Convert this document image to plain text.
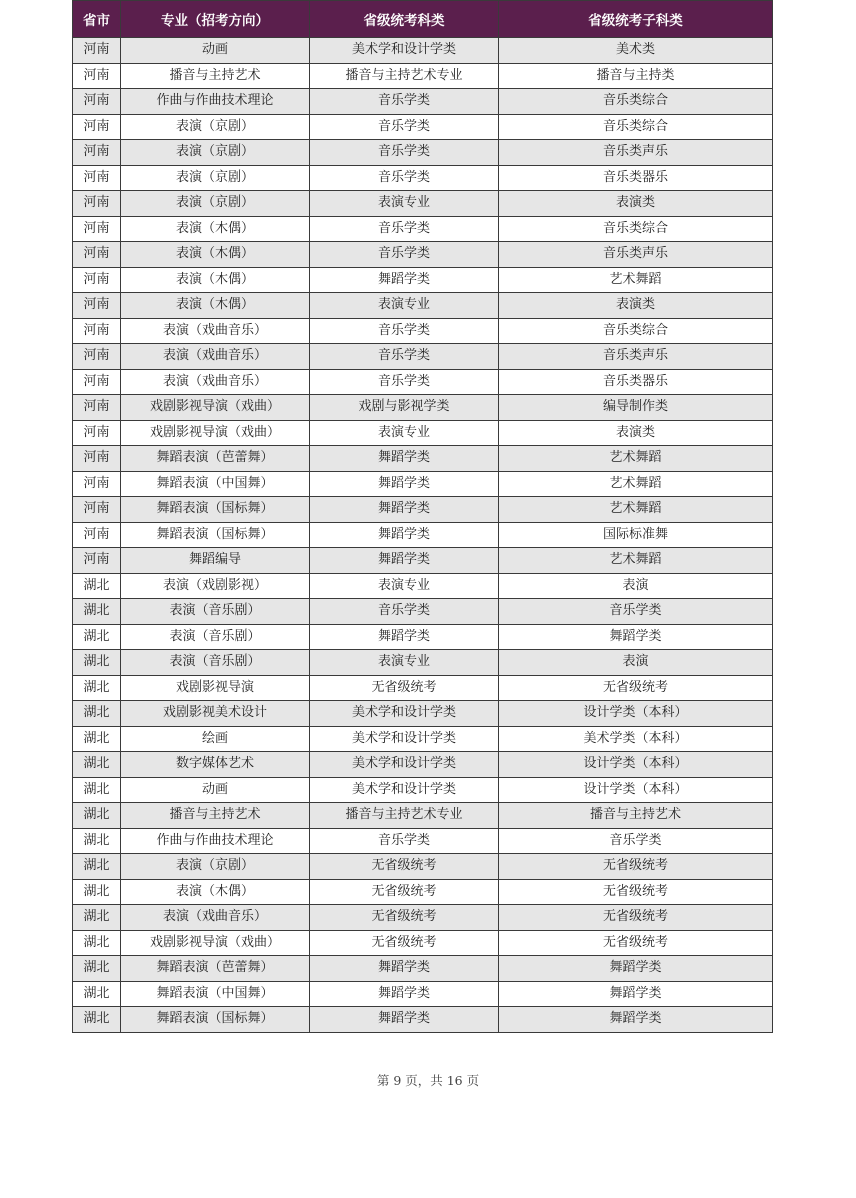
省市	专业（招考方向）	省级统考科类	省级统考子科类
河南	动画	美术学和设计学类	美术类
河南	播音与主持艺术	播音与主持艺术专业	播音与主持类
河南	作曲与作曲技术理论	音乐学类	音乐类综合
河南	表演（京剧）	音乐学类	音乐类综合
河南	表演（京剧）	音乐学类	音乐类声乐
河南	表演（京剧）	音乐学类	音乐类器乐
河南	表演（京剧）	表演专业	表演类
河南	表演（木偶）	音乐学类	音乐类综合
河南	表演（木偶）	音乐学类	音乐类声乐
河南	表演（木偶）	舞蹈学类	艺术舞蹈
河南	表演（木偶）	表演专业	表演类
河南	表演（戏曲音乐）	音乐学类	音乐类综合
河南	表演（戏曲音乐）	音乐学类	音乐类声乐
河南	表演（戏曲音乐）	音乐学类	音乐类器乐
河南	戏剧影视导演（戏曲）	戏剧与影视学类	编导制作类
河南	戏剧影视导演（戏曲）	表演专业	表演类
河南	舞蹈表演（芭蕾舞）	舞蹈学类	艺术舞蹈
河南	舞蹈表演（中国舞）	舞蹈学类	艺术舞蹈
河南	舞蹈表演（国标舞）	舞蹈学类	艺术舞蹈
河南	舞蹈表演（国标舞）	舞蹈学类	国际标准舞
河南	舞蹈编导	舞蹈学类	艺术舞蹈
湖北	表演（戏剧影视）	表演专业	表演
湖北	表演（音乐剧）	音乐学类	音乐学类
湖北	表演（音乐剧）	舞蹈学类	舞蹈学类
湖北	表演（音乐剧）	表演专业	表演
湖北	戏剧影视导演	无省级统考	无省级统考
湖北	戏剧影视美术设计	美术学和设计学类	设计学类（本科）
湖北	绘画	美术学和设计学类	美术学类（本科）
湖北	数字媒体艺术	美术学和设计学类	设计学类（本科）
湖北	动画	美术学和设计学类	设计学类（本科）
湖北	播音与主持艺术	播音与主持艺术专业	播音与主持艺术
湖北	作曲与作曲技术理论	音乐学类	音乐学类
湖北	表演（京剧）	无省级统考	无省级统考
湖北	表演（木偶）	无省级统考	无省级统考
湖北	表演（戏曲音乐）	无省级统考	无省级统考
湖北	戏剧影视导演（戏曲）	无省级统考	无省级统考
湖北	舞蹈表演（芭蕾舞）	舞蹈学类	舞蹈学类
湖北	舞蹈表演（中国舞）	舞蹈学类	舞蹈学类
湖北	舞蹈表演（国标舞）	舞蹈学类	舞蹈学类
第 9 页，共 16 页
